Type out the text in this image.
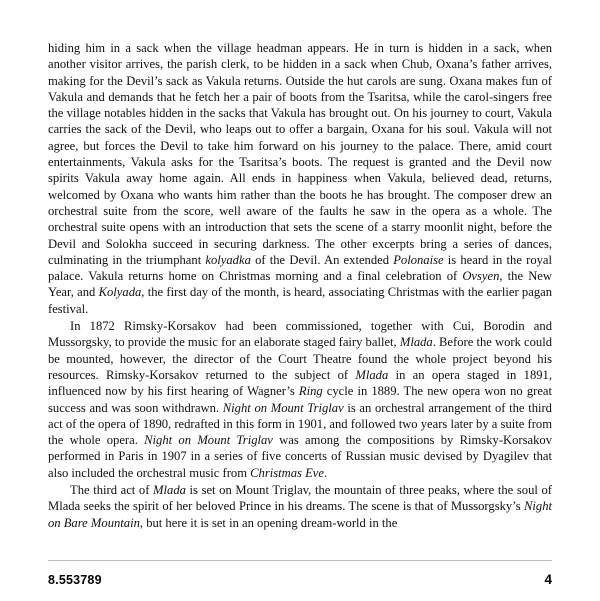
hiding him in a sack when the village headman appears. He in turn is hidden in a sack, when another visitor arrives, the parish clerk, to be hidden in a sack when Chub, Oxana’s father arrives, making for the Devil’s sack as Vakula returns. Outside the hut carols are sung. Oxana makes fun of Vakula and demands that he fetch her a pair of boots from the Tsaritsa, while the carol-singers free the village notables hidden in the sacks that Vakula has brought out. On his journey to court, Vakula carries the sack of the Devil, who leaps out to offer a bargain, Oxana for his soul. Vakula will not agree, but forces the Devil to take him forward on his journey to the palace. There, amid court entertainments, Vakula asks for the Tsaritsa’s boots. The request is granted and the Devil now spirits Vakula away home again. All ends in happiness when Vakula, believed dead, returns, welcomed by Oxana who wants him rather than the boots he has brought. The composer drew an orchestral suite from the score, well aware of the faults he saw in the opera as a whole. The orchestral suite opens with an introduction that sets the scene of a starry moonlit night, before the Devil and Solokha succeed in securing darkness. The other excerpts bring a series of dances, culminating in the triumphant kolyadka of the Devil. An extended Polonaise is heard in the royal palace. Vakula returns home on Christmas morning and a final celebration of Ovsyen, the New Year, and Kolyada, the first day of the month, is heard, associating Christmas with the earlier pagan festival.

In 1872 Rimsky-Korsakov had been commissioned, together with Cui, Borodin and Mussorgsky, to provide the music for an elaborate staged fairy ballet, Mlada. Before the work could be mounted, however, the director of the Court Theatre found the whole project beyond his resources. Rimsky-Korsakov returned to the subject of Mlada in an opera staged in 1891, influenced now by his first hearing of Wagner’s Ring cycle in 1889. The new opera won no great success and was soon withdrawn. Night on Mount Triglav is an orchestral arrangement of the third act of the opera of 1890, redrafted in this form in 1901, and followed two years later by a suite from the whole opera. Night on Mount Triglav was among the compositions by Rimsky-Korsakov performed in Paris in 1907 in a series of five concerts of Russian music devised by Dyagilev that also included the orchestral music from Christmas Eve.

The third act of Mlada is set on Mount Triglav, the mountain of three peaks, where the soul of Mlada seeks the spirit of her beloved Prince in his dreams. The scene is that of Mussorgsky’s Night on Bare Mountain, but here it is set in an opening dream-world in the

8.553789	4
